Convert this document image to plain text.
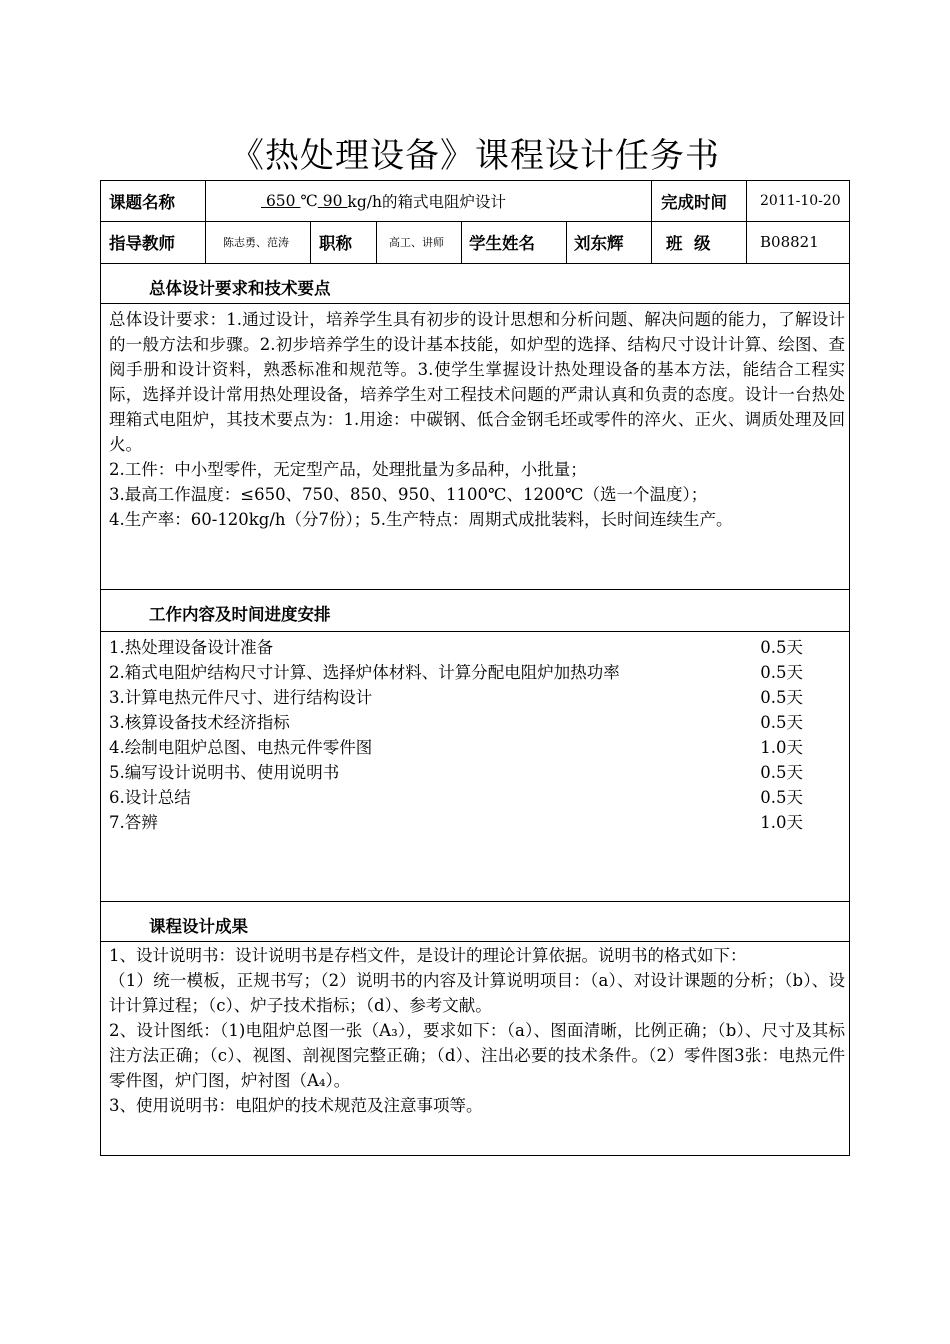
《热处理设备》课程设计任务书
课题名称	650 ℃ 90 kg/h的箱式电阻炉设计	完成时间 2011-10-20
指导教师	陈志勇、范涛 职称	高工、讲师 学生姓名 刘东辉	班  级	B08821
总体设计要求和技术要点

总体设计要求：1.通过设计，培养学生具有初步的设计思想和分析问题、解决问题的能力，了解设计的一般方法和步骤。2.初步培养学生的设计基本技能，如炉型的选择、结构尺寸设计计算、绘图、查阅手册和设计资料，熟悉标准和规范等。3.使学生掌握设计热处理设备的基本方法，能结合工程实际，选择并设计常用热处理设备，培养学生对工程技术问题的严肃认真和负责的态度。设计一台热处理箱式电阻炉，其技术要点为：1.用途：中碳钢、低合金钢毛坯或零件的淬火、正火、调质处理及回火。

2.工件：中小型零件，无定型产品，处理批量为多品种，小批量；

3.最高工作温度：≤650、750、850、950、1100℃、1200℃（选一个温度）；

4.生产率：60-120kg/h（分7份）；5.生产特点：周期式成批装料，长时间连续生产。

工作内容及时间进度安排
1.热处理设备设计准备	0.5天
2.箱式电阻炉结构尺寸计算、选择炉体材料、计算分配电阻炉加热功率	0.5天
3.计算电热元件尺寸、进行结构设计	0.5天
3.核算设备技术经济指标	0.5天
4.绘制电阻炉总图、电热元件零件图	1.0天
5.编写设计说明书、使用说明书	0.5天
6.设计总结	0.5天
7.答辨	1.0天
课程设计成果

1、设计说明书：设计说明书是存档文件，是设计的理论计算依据。说明书的格式如下：

（1）统一模板，正规书写；（2）说明书的内容及计算说明项目：（a）、对设计课题的分析；（b）、设计计算过程；（c）、炉子技术指标；（d）、参考文献。

2、设计图纸：（1)电阻炉总图一张（A₃），要求如下：（a）、图面清晰，比例正确；（b）、尺寸及其标注方法正确；（c）、视图、剖视图完整正确；（d）、注出必要的技术条件。（2）零件图3张：电热元件零件图，炉门图，炉衬图（A₄）。

3、使用说明书：电阻炉的技术规范及注意事项等。
